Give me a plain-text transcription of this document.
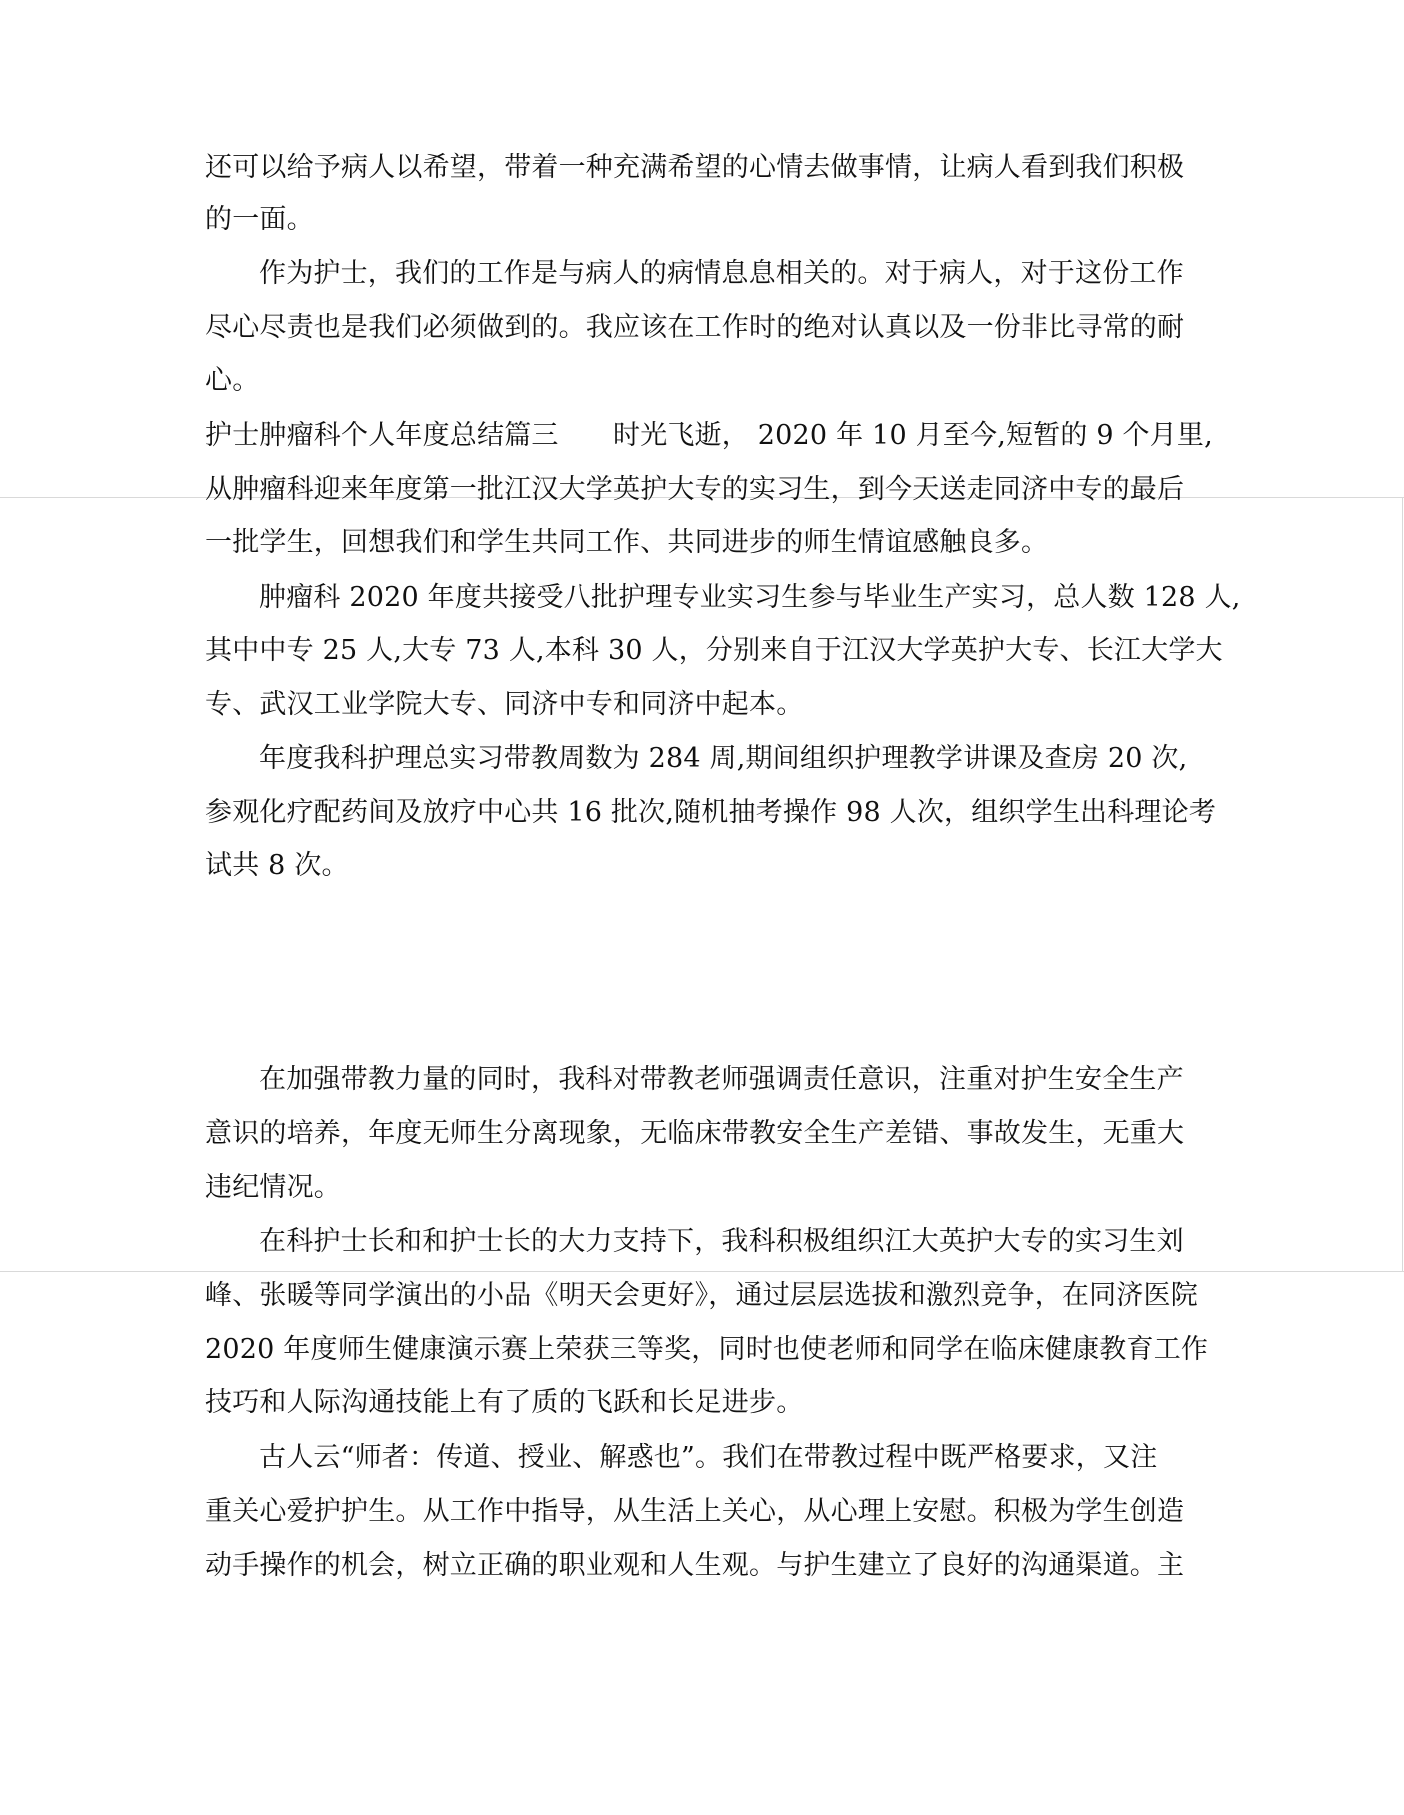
还可以给予病人以希望，带着一种充满希望的心情去做事情，让病人看到我们积极
的一面。
作为护士，我们的工作是与病人的病情息息相关的。对于病人，对于这份工作
尽心尽责也是我们必须做到的。我应该在工作时的绝对认真以及一份非比寻常的耐
心。
护士肿瘤科个人年度总结篇三　　时光飞逝， 2020 年 10 月至今,短暂的 9 个月里,
从肿瘤科迎来年度第一批江汉大学英护大专的实习生，到今天送走同济中专的最后
一批学生，回想我们和学生共同工作、共同进步的师生情谊感触良多。
肿瘤科 2020 年度共接受八批护理专业实习生参与毕业生产实习，总人数 128 人,
其中中专 25 人,大专 73 人,本科 30 人，分别来自于江汉大学英护大专、长江大学大
专、武汉工业学院大专、同济中专和同济中起本。
年度我科护理总实习带教周数为 284 周,期间组织护理教学讲课及查房 20 次,
参观化疗配药间及放疗中心共 16 批次,随机抽考操作 98 人次，组织学生出科理论考
试共 8 次。
在加强带教力量的同时，我科对带教老师强调责任意识，注重对护生安全生产
意识的培养，年度无师生分离现象，无临床带教安全生产差错、事故发生，无重大
违纪情况。
在科护士长和和护士长的大力支持下，我科积极组织江大英护大专的实习生刘
峰、张暖等同学演出的小品《明天会更好》，通过层层选拔和激烈竞争，在同济医院
2020 年度师生健康演示赛上荣获三等奖，同时也使老师和同学在临床健康教育工作
技巧和人际沟通技能上有了质的飞跃和长足进步。
古人云“师者：传道、授业、解惑也”。我们在带教过程中既严格要求，又注
重关心爱护护生。从工作中指导，从生活上关心，从心理上安慰。积极为学生创造
动手操作的机会，树立正确的职业观和人生观。与护生建立了良好的沟通渠道。主
